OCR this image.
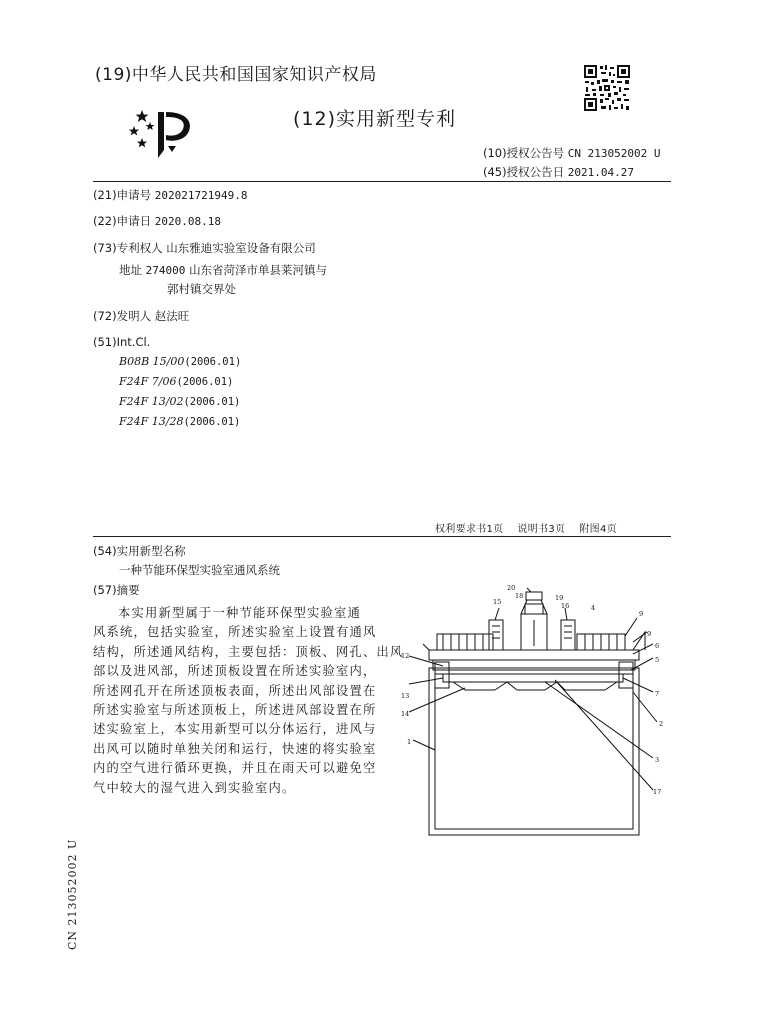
(19)中华人民共和国国家知识产权局
(12)实用新型专利
(10)授权公告号 CN 213052002 U
(45)授权公告日 2021.04.27
(21)申请号 202021721949.8
(22)申请日 2020.08.18
(73)专利权人 山东雅迪实验室设备有限公司
地址 274000 山东省菏泽市单县莱河镇与
郭村镇交界处
(72)发明人 赵法旺
(51)Int.Cl.
B08B 15/00(2006.01)
F24F 7/06(2006.01)
F24F 13/02(2006.01)
F24F 13/28(2006.01)
权利要求书1页 说明书3页 附图4页
(54)实用新型名称
一种节能环保型实验室通风系统
(57)摘要
本实用新型属于一种节能环保型实验室通
风系统，包括实验室，所述实验室上设置有通风
结构，所述通风结构，主要包括：顶板、网孔、出风
部以及进风部，所述顶板设置在所述实验室内，
所述网孔开在所述顶板表面，所述出风部设置在
所述实验室与所述顶板上，所述进风部设置在所
述实验室上，本实用新型可以分体运行，进风与
出风可以随时单独关闭和运行，快速的将实验室
内的空气进行循环更换，并且在雨天可以避免空
气中较大的湿气进入到实验室内。
20
18	19
15	16	4
9
9
12
6
5
13	7
14
2
1
3
17
CN 213052002 U
